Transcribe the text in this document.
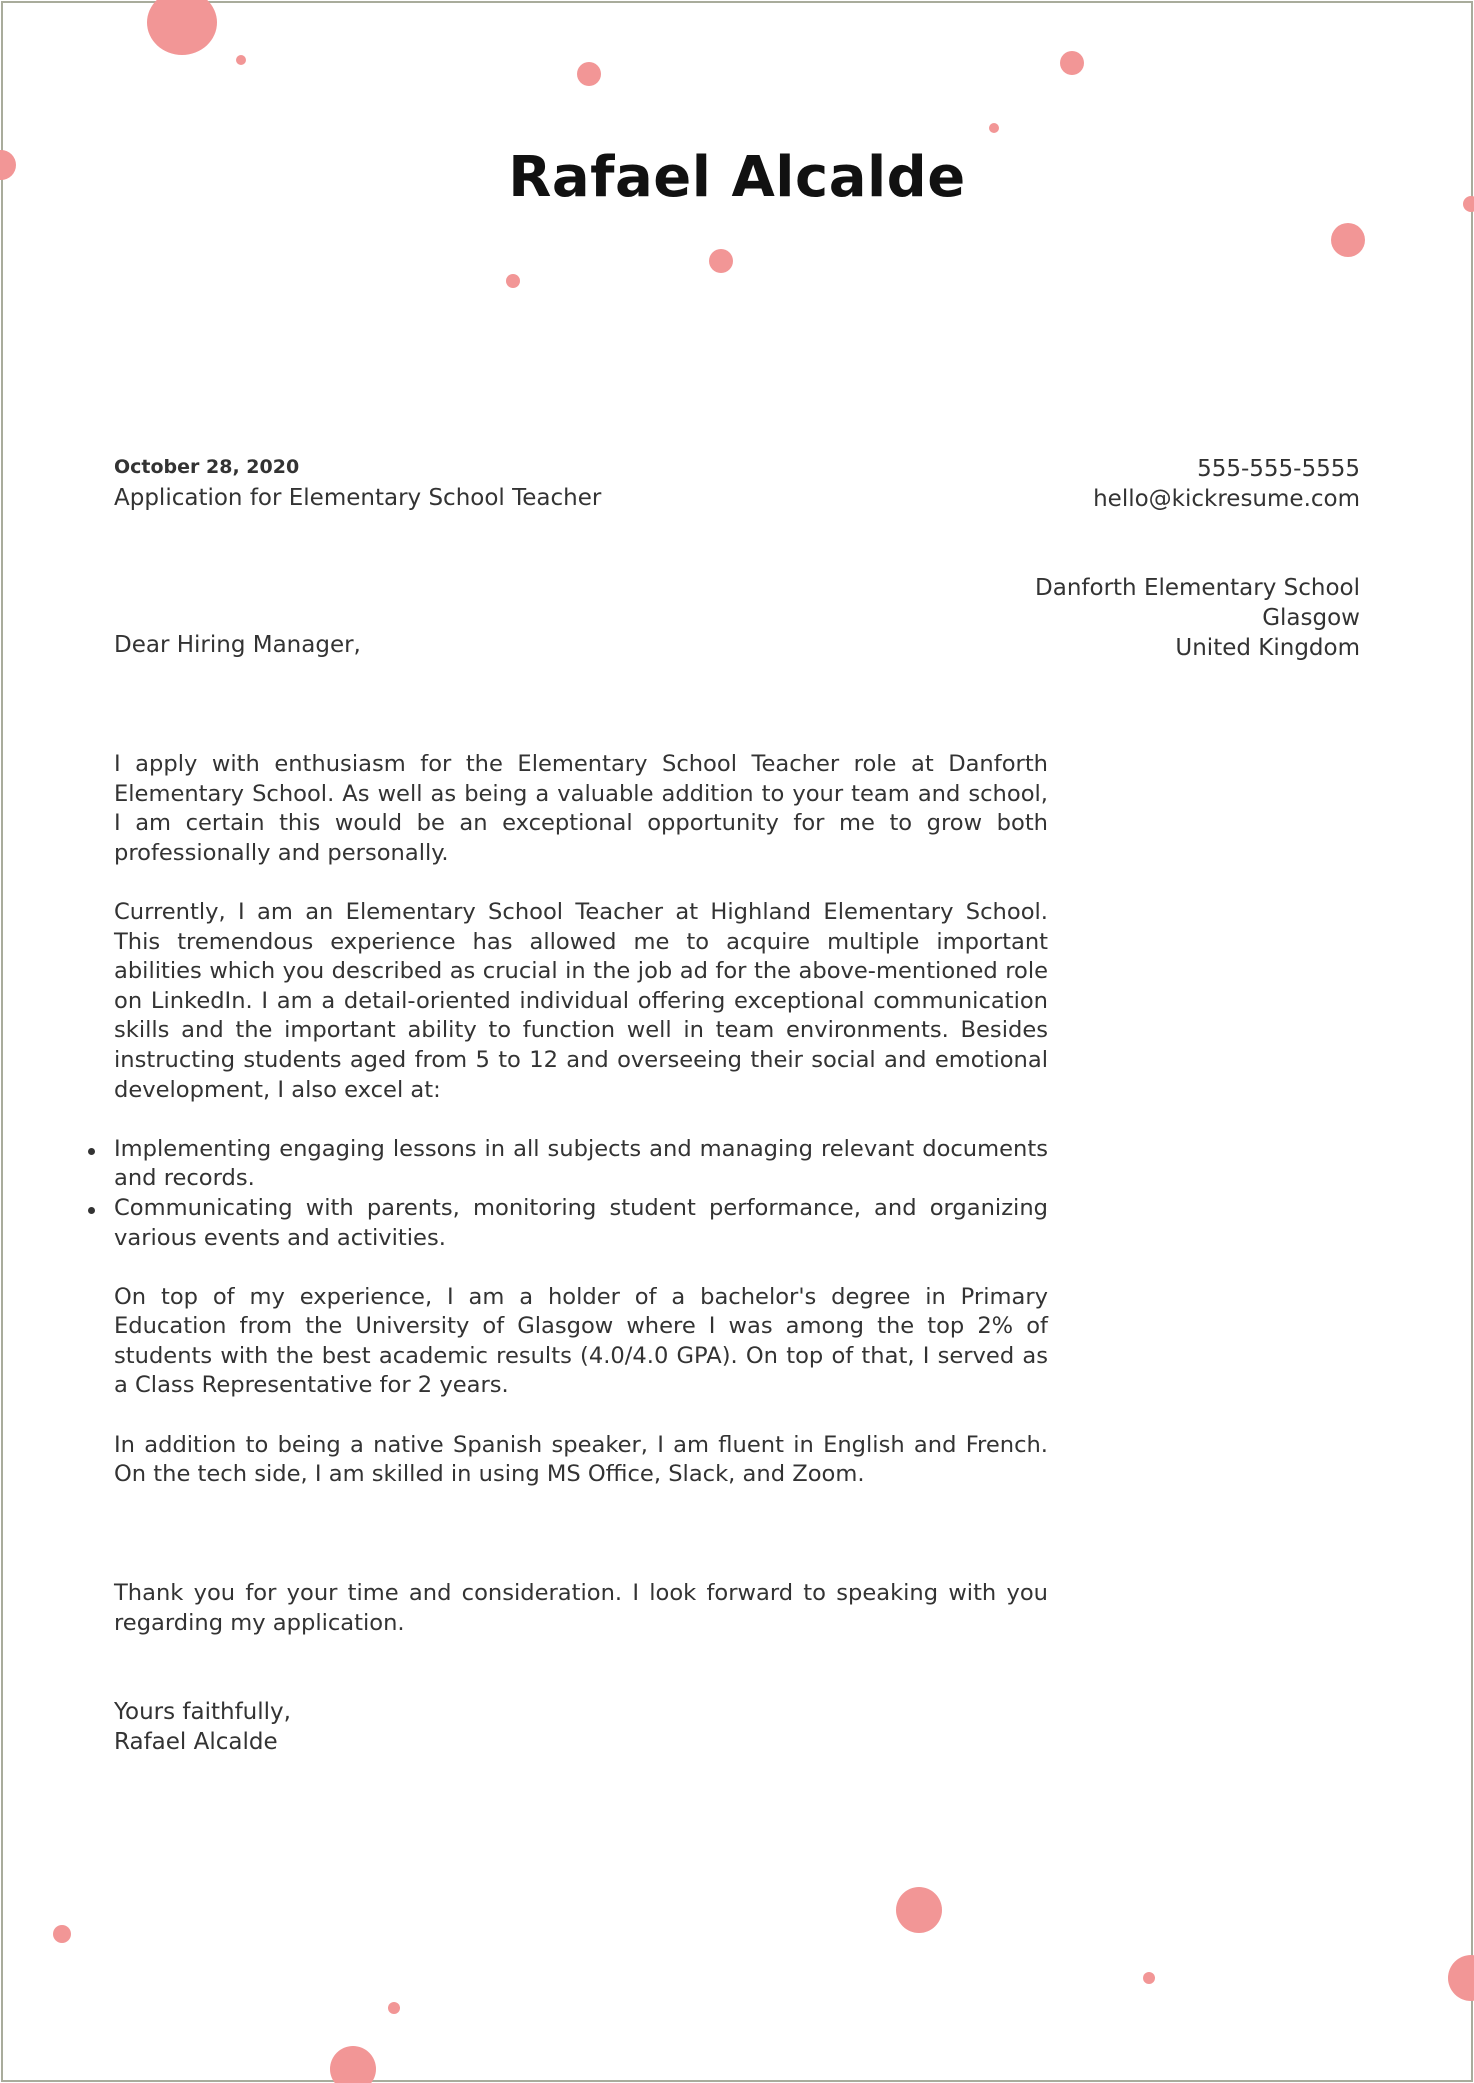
Rafael Alcalde
October 28, 2020
Application for Elementary School Teacher
555-555-5555
hello@kickresume.com
Danforth Elementary School
Glasgow
United Kingdom
Dear Hiring Manager,

I apply with enthusiasm for the Elementary School Teacher role at Danforth Elementary School. As well as being a valuable addition to your team and school, I am certain this would be an exceptional opportunity for me to grow both professionally and personally.

Currently, I am an Elementary School Teacher at Highland Elementary School. This tremendous experience has allowed me to acquire multiple important abilities which you described as crucial in the job ad for the above-mentioned role on LinkedIn. I am a detail-oriented individual offering exceptional communication skills and the important ability to function well in team environments. Besides instructing students aged from 5 to 12 and overseeing their social and emotional development, I also excel at:

Implementing engaging lessons in all subjects and managing relevant documents and records.
Communicating with parents, monitoring student performance, and organizing various events and activities.

On top of my experience, I am a holder of a bachelor's degree in Primary Education from the University of Glasgow where I was among the top 2% of students with the best academic results (4.0/4.0 GPA). On top of that, I served as a Class Representative for 2 years.

In addition to being a native Spanish speaker, I am fluent in English and French. On the tech side, I am skilled in using MS Office, Slack, and Zoom.

Thank you for your time and consideration. I look forward to speaking with you regarding my application.
Yours faithfully,
Rafael Alcalde
